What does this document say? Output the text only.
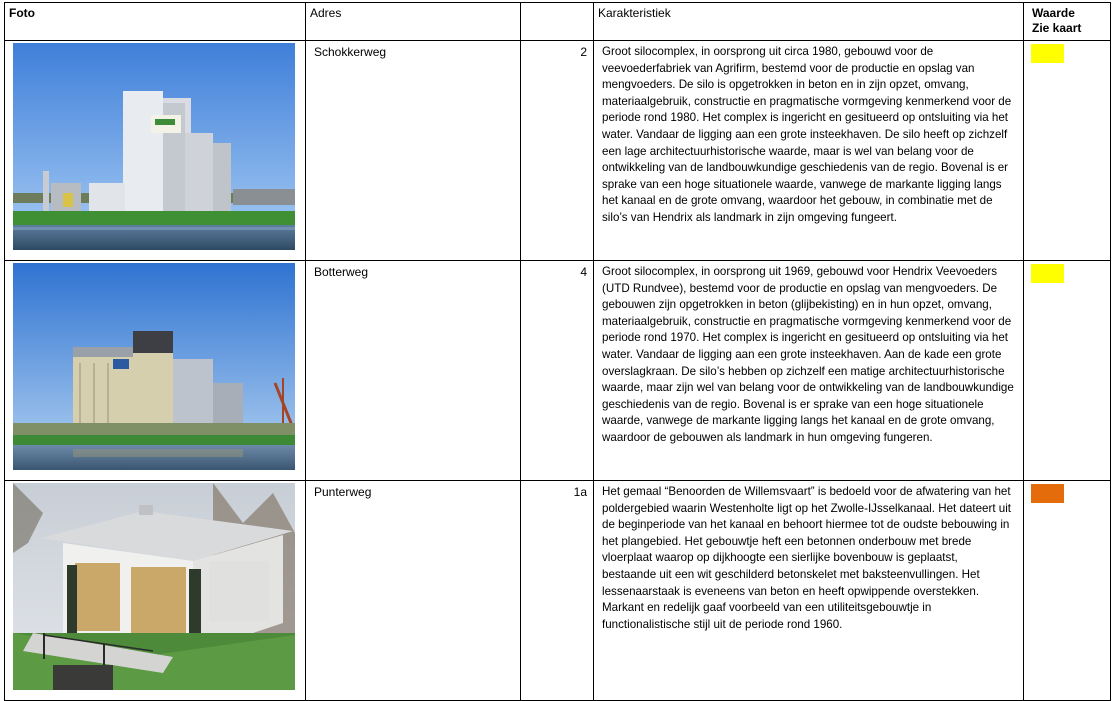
Foto	Adres		Karakteristiek	Waarde
Zie kaart

	Schokkerweg	2	Groot silocomplex, in oorsprong uit circa 1980, gebouwd voor de veevoederfabriek van Agrifirm, bestemd voor de productie en opslag van mengvoeders. De silo is opgetrokken in beton en in zijn opzet, omvang, materiaalgebruik, constructie en pragmatische vormgeving kenmerkend voor de periode rond 1980. Het complex is ingericht en gesitueerd op ontsluiting via het water. Vandaar de ligging aan een grote insteekhaven. De silo heeft op zichzelf een lage architectuurhistorische waarde, maar is wel van belang voor de ontwikkeling van de landbouwkundige geschiedenis van de regio. Bovenal is er sprake van een hoge situationele waarde, vanwege de markante ligging langs het kanaal en de grote omvang, waardoor het gebouw, in combinatie met de silo’s van Hendrix als landmark in zijn omgeving fungeert.	

	Botterweg	4	Groot silocomplex, in oorsprong uit 1969, gebouwd voor Hendrix Veevoeders (UTD Rundvee), bestemd voor de productie en opslag van mengvoeders. De gebouwen zijn opgetrokken in beton (glijbekisting) en in hun opzet, omvang, materiaalgebruik, constructie en pragmatische vormgeving kenmerkend voor de periode rond 1970. Het complex is ingericht en gesitueerd op ontsluiting via het water. Vandaar de ligging aan een grote insteekhaven. Aan de kade een grote overslagkraan. De silo’s hebben op zichzelf een matige architectuurhistorische waarde, maar zijn wel van belang voor de ontwikkeling van de landbouwkundige geschiedenis van de regio. Bovenal is er sprake van een hoge situationele waarde, vanwege de markante ligging langs het kanaal en de grote omvang, waardoor de gebouwen als landmark in hun omgeving fungeren.	

	Punterweg	1a	Het gemaal “Benoorden de Willemsvaart” is bedoeld voor de afwatering van het poldergebied waarin Westenholte ligt op het Zwolle-IJsselkanaal. Het dateert uit de beginperiode van het kanaal en behoort hiermee tot de oudste bebouwing in het plangebied. Het gebouwtje heft een betonnen onderbouw met brede vloerplaat waarop op dijkhoogte een sierlijke bovenbouw is geplaatst, bestaande uit een wit geschilderd betonskelet met baksteenvullingen. Het lessenaarstaak is eveneens van beton en heeft opwippende overstekken. Markant en redelijk gaaf voorbeeld van een utiliteitsgebouwtje in functionalistische stijl uit de periode rond 1960.	
